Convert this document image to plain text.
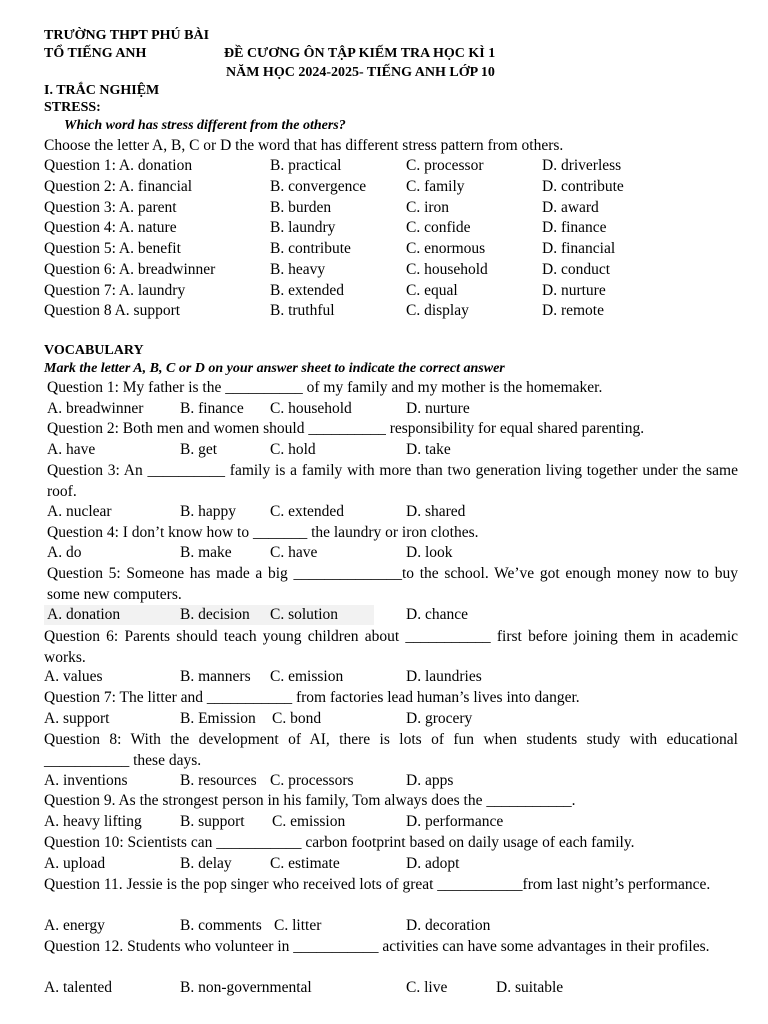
TRƯỜNG THPT PHÚ BÀI
TỔ TIẾNG ANH	ĐỀ CƯƠNG ÔN TẬP KIẾM TRA HỌC KÌ 1
NĂM HỌC 2024-2025- TIẾNG ANH LỚP 10
I. TRẮC NGHIỆM
STRESS:
Which word has stress different from the others?
Choose the letter A, B, C or D the word that has different stress pattern from others.
Question 1: A. donation	B. practical	C. processor	D. driverless
Question 2: A. financial	B. convergence	C. family	D. contribute
Question 3: A. parent	B. burden	C. iron	D. award
Question 4: A. nature	B. laundry	C. confide	D. finance
Question 5: A. benefit	B. contribute	C. enormous	D. financial
Question 6: A. breadwinner	B. heavy	C. household	D. conduct
Question 7: A. laundry	B. extended	C. equal	D. nurture
Question 8 A. support	B. truthful	C. display	D. remote
VOCABULARY
Mark the letter A, B, C or D on your answer sheet to indicate the correct answer
Question 1: My father is the __________ of my family and my mother is the homemaker.
A. breadwinner B. finance C. household	D. nurture
Question 2: Both men and women should __________ responsibility for equal shared parenting.
A. have	B. get	C. hold	D. take
Question 3: An __________ family is a family with more than two generation living together under the same roof.
A. nuclear	B. happy C. extended	D. shared
Question 4: I don’t know how to _______ the laundry or iron clothes.
A. do	B. make C. have	D. look
Question 5: Someone has made a big ______________to the school. We’ve got enough money now to buy some new computers.
A. donation	B. decision C. solution	D. chance
Question 6: Parents should teach young children about ___________ first before joining them in academic works.
A. values	B. manners C. emission	D. laundries
Question 7: The litter and ___________ from factories lead human’s lives into danger.
A. support	B. Emission C. bond	D. grocery
Question 8: With the development of AI, there is lots of fun when students study with educational ___________ these days.
A. inventions	B. resources C. processors	D. apps
Question 9. As the strongest person in his family, Tom always does the ___________.
A. heavy lifting B. support C. emission	D. performance
Question 10: Scientists can ___________ carbon footprint based on daily usage of each family.
A. upload	B. delay C. estimate	D. adopt
Question 11. Jessie is the pop singer who received lots of great ___________from last night’s performance.
A. energy	B. comments C. litter	D. decoration
Question 12. Students who volunteer in ___________ activities can have some advantages in their profiles.
A. talented	B. non-governmental	C. live	D. suitable
